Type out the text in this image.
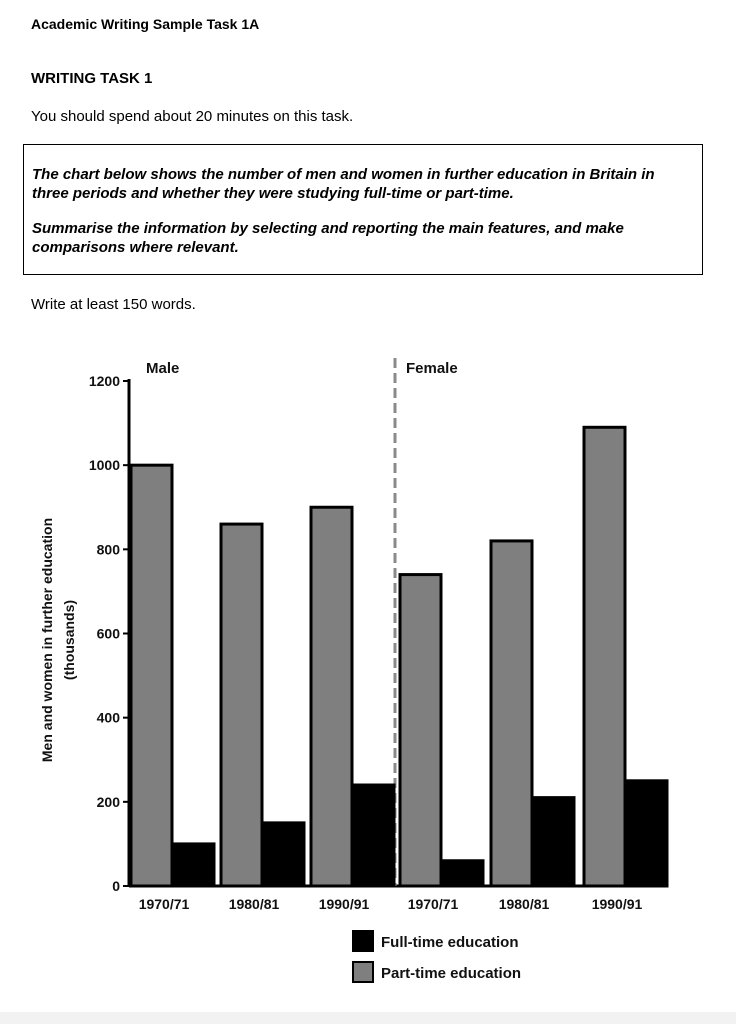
Academic Writing Sample Task 1A
WRITING TASK 1
You should spend about 20 minutes on this task.

The chart below shows the number of men and women in further education in Britain in three periods and whether they were studying full-time or part-time.

Summarise the information by selecting and reporting the main features, and make comparisons where relevant.

Write at least 150 words.
0
200
400
600
800
1000
1200
Men and women in further education (thousands)
Male	Female
1970/71	1980/81	1990/91	1970/71	1980/81	1990/91
Full-time education
Part-time education
